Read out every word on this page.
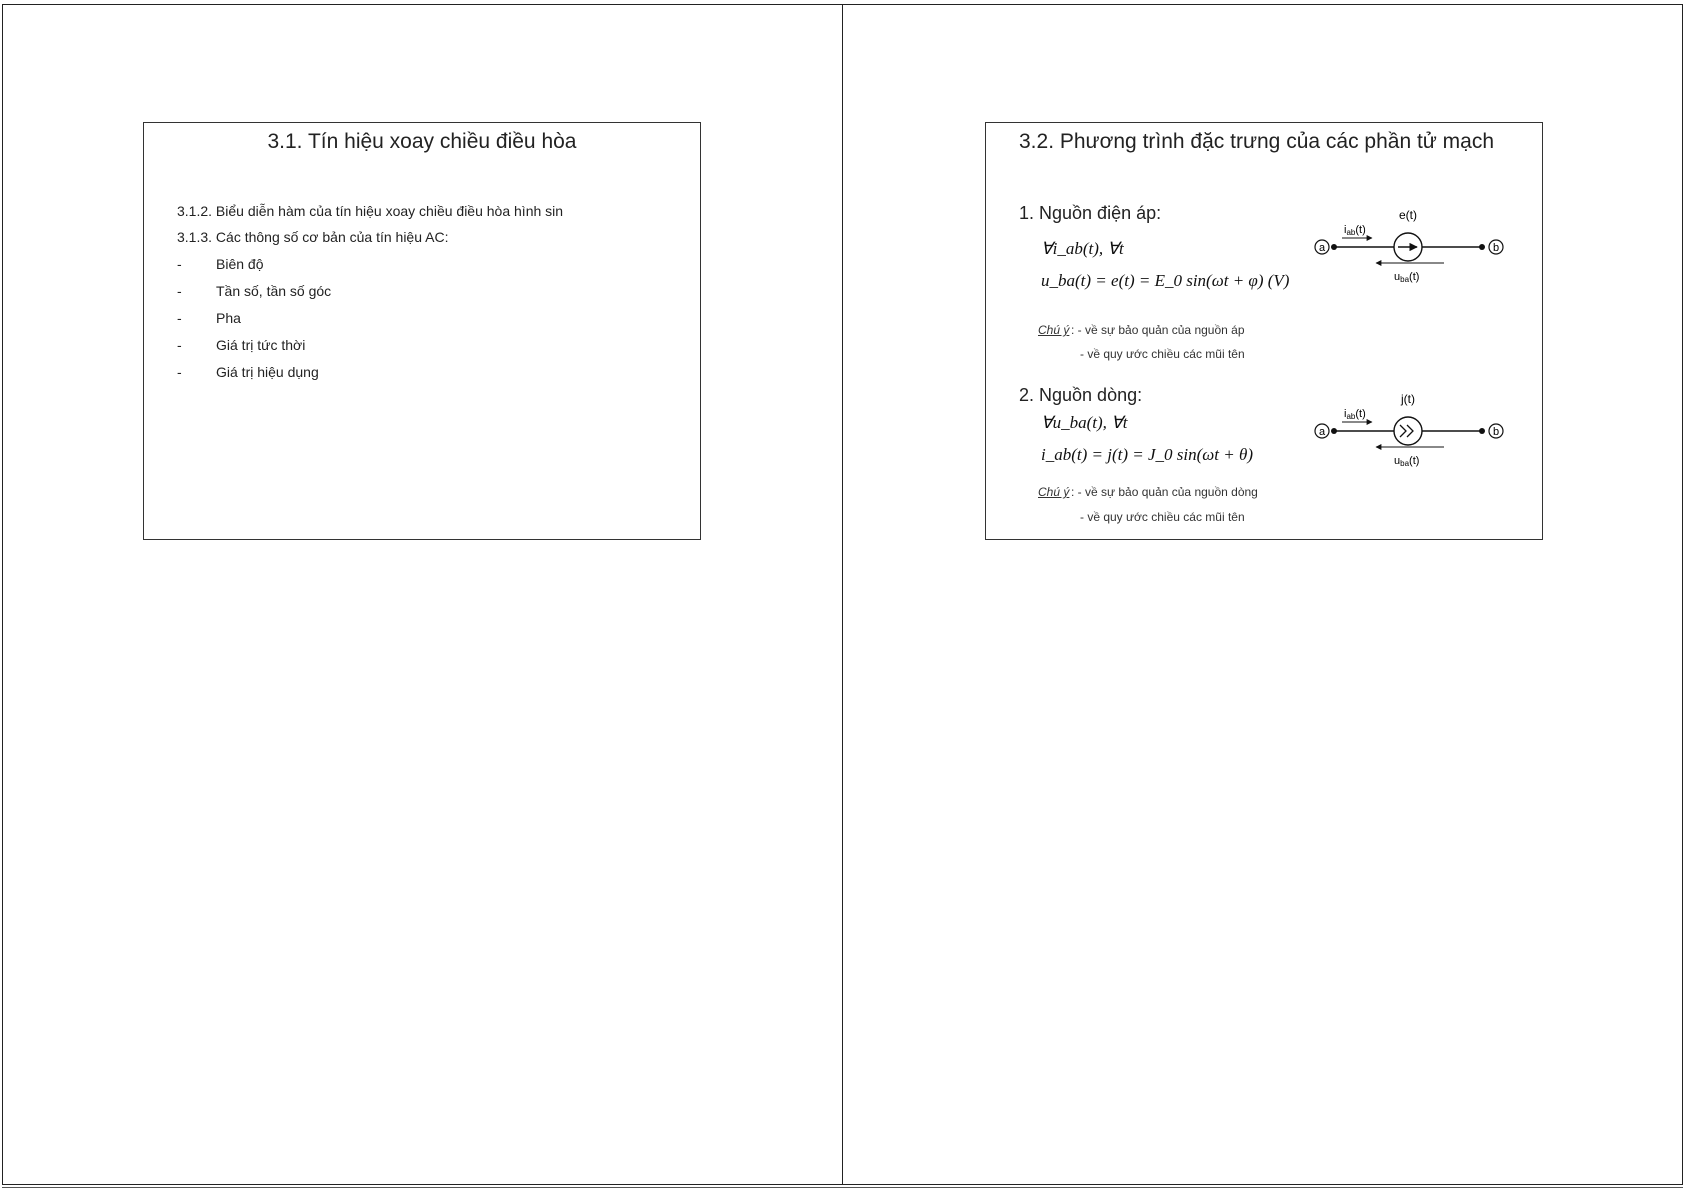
3.1. Tín hiệu xoay chiều điều hòa
3.1.2. Biểu diễn hàm của tín hiệu xoay chiều điều hòa hình sin
3.1.3. Các thông số cơ bản của tín hiệu AC:
- Biên độ
- Tần số, tần số góc
- Pha
- Giá trị tức thời
- Giá trị hiệu dụng
3.2. Phương trình đặc trưng của các phần tử mạch
1. Nguồn điện áp:
∀i_ab(t), ∀t
u_ba(t) = e(t) = E_0 sin(ωt + φ) (V)
Chú ý : - về sự bảo quản của nguồn áp
- về quy ước chiều các mũi tên
a	b
e(t)
iab(t)
uba(t)
2. Nguồn dòng:
∀u_ba(t), ∀t
i_ab(t) = j(t) = J_0 sin(ωt + θ)
Chú ý : - về sự bảo quản của nguồn dòng
- về quy ước chiều các mũi tên
a	b
j(t)
iab(t)
uba(t)
